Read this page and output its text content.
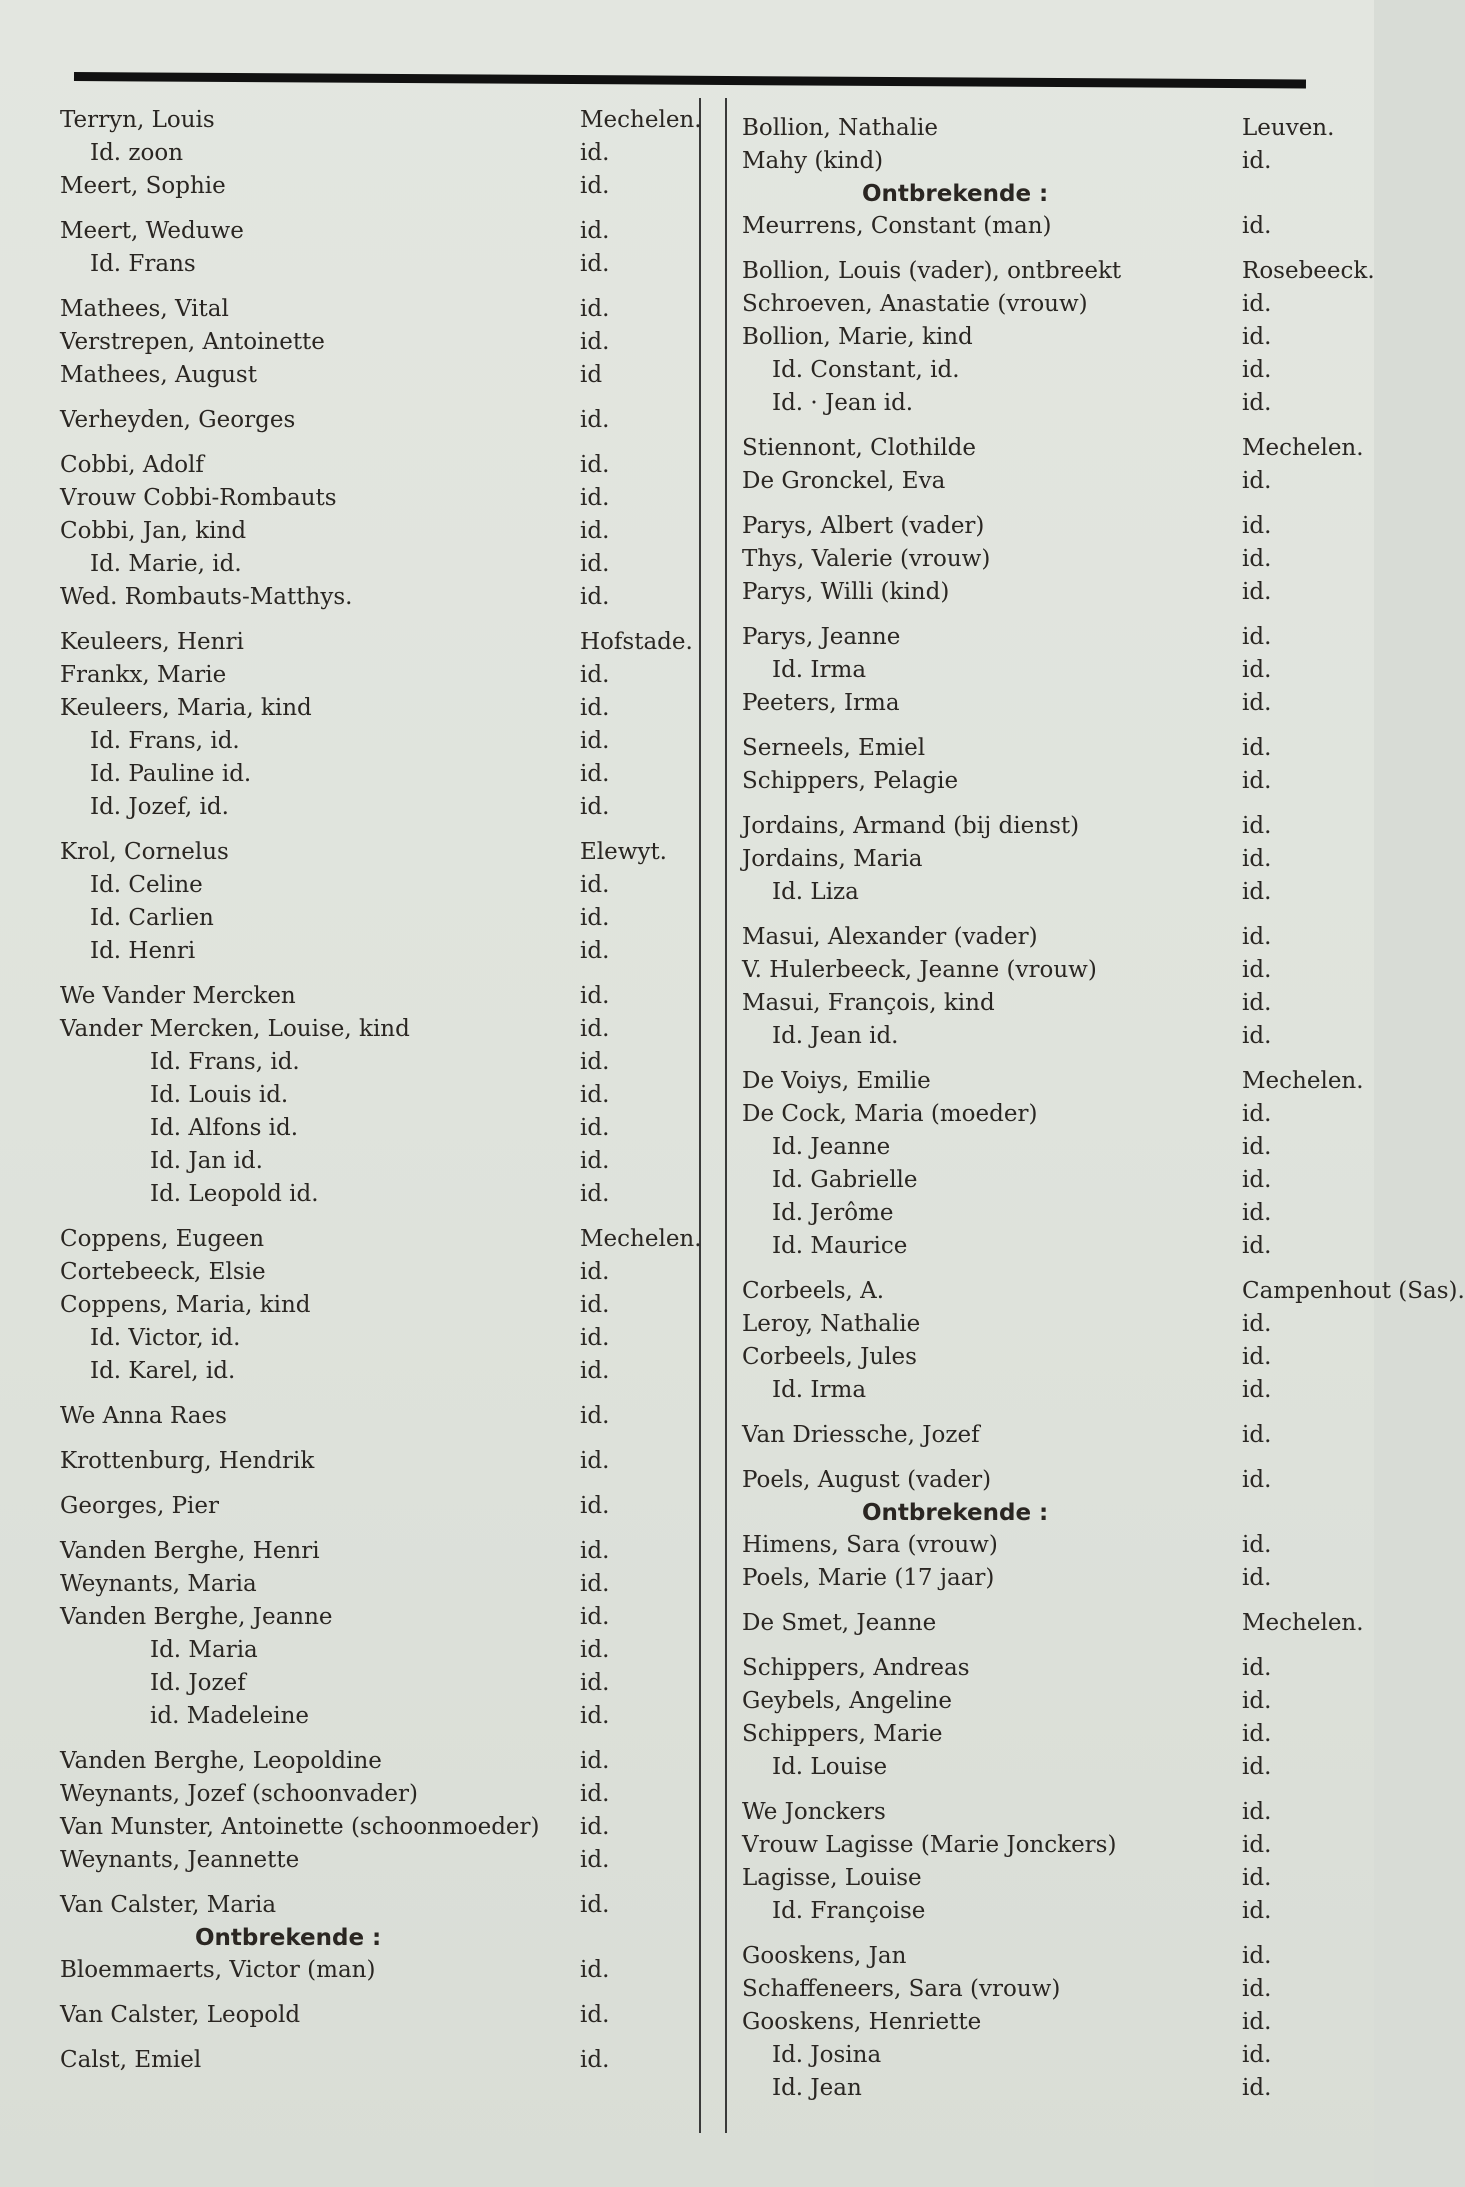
Terryn, Louis	Mechelen.
Id. zoon	id.
Meert, Sophie	id.
Meert, Weduwe	id.
Id. Frans	id.
Mathees, Vital	id.
Verstrepen, Antoinette	id.
Mathees, August	id
Verheyden, Georges	id.
Cobbi, Adolf	id.
Vrouw Cobbi-Rombauts	id.
Cobbi, Jan, kind	id.
Id. Marie, id.	id.
Wed. Rombauts-Matthys.	id.
Keuleers, Henri	Hofstade.
Frankx, Marie	id.
Keuleers, Maria, kind	id.
Id. Frans, id.	id.
Id. Pauline id.	id.
Id. Jozef, id.	id.
Krol, Cornelus	Elewyt.
Id. Celine	id.
Id. Carlien	id.
Id. Henri	id.
We Vander Mercken	id.
Vander Mercken, Louise, kind	id.
Id. Frans, id.	id.
Id. Louis id.	id.
Id. Alfons id.	id.
Id. Jan id.	id.
Id. Leopold id.	id.
Coppens, Eugeen	Mechelen.
Cortebeeck, Elsie	id.
Coppens, Maria, kind	id.
Id. Victor, id.	id.
Id. Karel, id.	id.
We Anna Raes	id.
Krottenburg, Hendrik	id.
Georges, Pier	id.
Vanden Berghe, Henri	id.
Weynants, Maria	id.
Vanden Berghe, Jeanne	id.
Id. Maria	id.
Id. Jozef	id.
id. Madeleine	id.
Vanden Berghe, Leopoldine	id.
Weynants, Jozef (schoonvader)	id.
Van Munster, Antoinette (schoonmoeder) id.
Weynants, Jeannette	id.
Van Calster, Maria	id.
Ontbrekende :
Bloemmaerts, Victor (man)	id.
Van Calster, Leopold	id.
Calst, Emiel	id.
Bollion, Nathalie	Leuven.
Mahy (kind)	id.
Ontbrekende :
Meurrens, Constant (man)	id.
Bollion, Louis (vader), ontbreekt	Rosebeeck.
Schroeven, Anastatie (vrouw)	id.
Bollion, Marie, kind	id.
Id. Constant, id.	id.
Id. · Jean id.	id.
Stiennont, Clothilde	Mechelen.
De Gronckel, Eva	id.
Parys, Albert (vader)	id.
Thys, Valerie (vrouw)	id.
Parys, Willi (kind)	id.
Parys, Jeanne	id.
Id. Irma	id.
Peeters, Irma	id.
Serneels, Emiel	id.
Schippers, Pelagie	id.
Jordains, Armand (bij dienst)	id.
Jordains, Maria	id.
Id. Liza	id.
Masui, Alexander (vader)	id.
V. Hulerbeeck, Jeanne (vrouw)	id.
Masui, François, kind	id.
Id. Jean id.	id.
De Voiys, Emilie	Mechelen.
De Cock, Maria (moeder)	id.
Id. Jeanne	id.
Id. Gabrielle	id.
Id. Jerôme	id.
Id. Maurice	id.
Corbeels, A.	Campenhout (Sas).
Leroy, Nathalie	id.
Corbeels, Jules	id.
Id. Irma	id.
Van Driessche, Jozef	id.
Poels, August (vader)	id.
Ontbrekende :
Himens, Sara (vrouw)	id.
Poels, Marie (17 jaar)	id.
De Smet, Jeanne	Mechelen.
Schippers, Andreas	id.
Geybels, Angeline	id.
Schippers, Marie	id.
Id. Louise	id.
We Jonckers	id.
Vrouw Lagisse (Marie Jonckers)	id.
Lagisse, Louise	id.
Id. Françoise	id.
Gooskens, Jan	id.
Schaffeneers, Sara (vrouw)	id.
Gooskens, Henriette	id.
Id. Josina	id.
Id. Jean	id.
